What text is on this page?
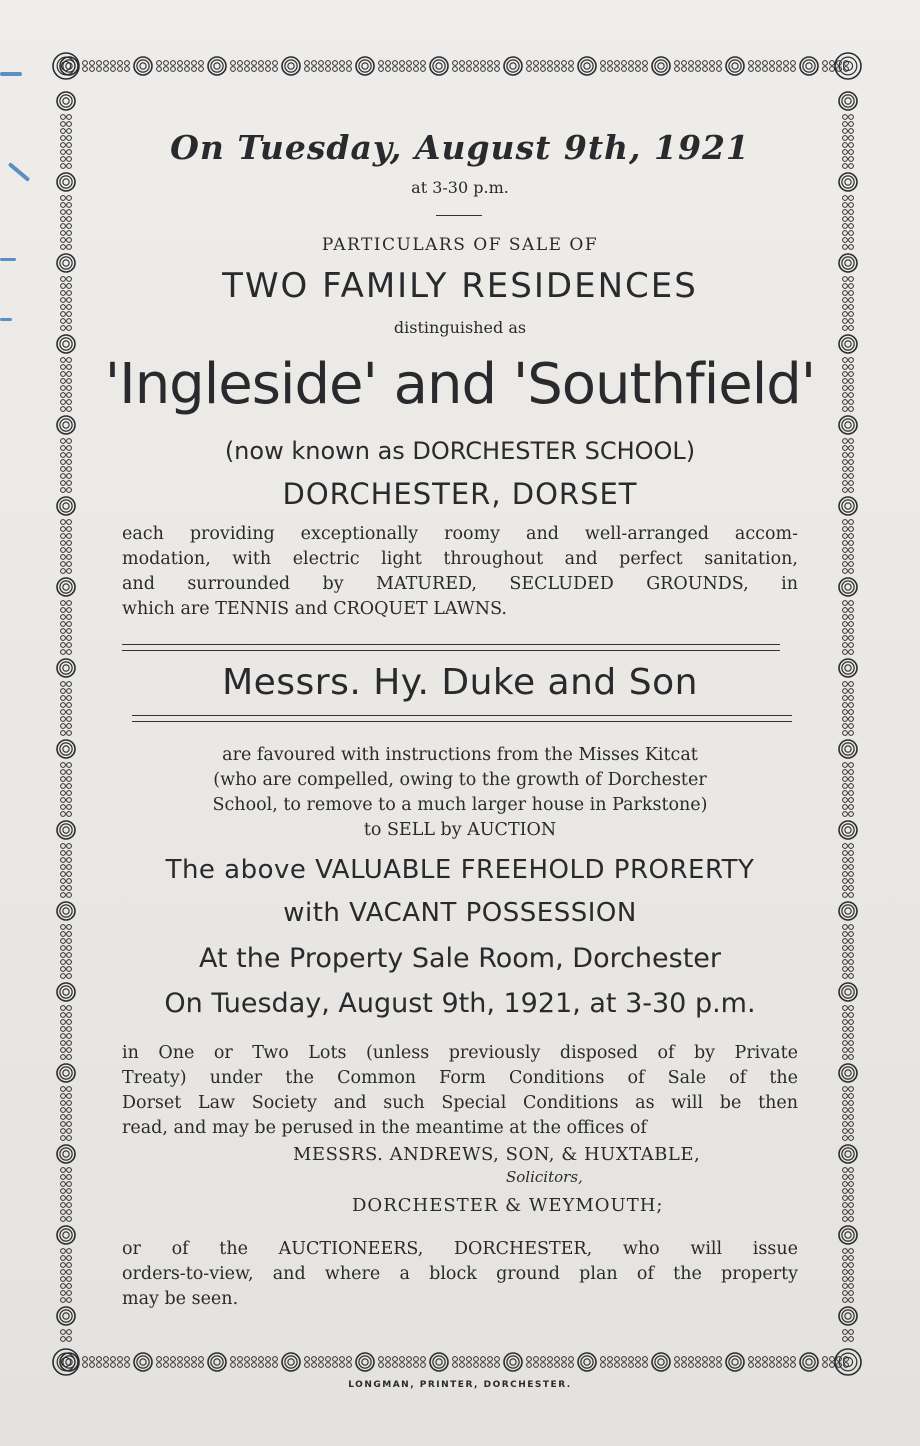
On Tuesday, August 9th, 1921

at 3-30 p.m.

PARTICULARS OF SALE OF

TWO FAMILY RESIDENCES

distinguished as

'Ingleside' and 'Southfield'

(now known as DORCHESTER SCHOOL)

DORCHESTER, DORSET

each providing exceptionally roomy and well-arranged accom-

modation, with electric light throughout and perfect sanitation,

and surrounded by MATURED, SECLUDED GROUNDS, in

which are TENNIS and CROQUET LAWNS.

Messrs. Hy. Duke and Son

are favoured with instructions from the Misses Kitcat

(who are compelled, owing to the growth of Dorchester

School, to remove to a much larger house in Parkstone)

to SELL by AUCTION

The above VALUABLE FREEHOLD PRORERTY

with VACANT POSSESSION

At the Property Sale Room, Dorchester

On Tuesday, August 9th, 1921, at 3-30 p.m.

in One or Two Lots (unless previously disposed of by Private

Treaty) under the Common Form Conditions of Sale of the

Dorset Law Society and such Special Conditions as will be then

read, and may be perused in the meantime at the offices of

MESSRS. ANDREWS, SON, & HUXTABLE,

Solicitors,

DORCHESTER & WEYMOUTH;

or of the AUCTIONEERS, DORCHESTER, who will issue

orders-to-view, and where a block ground plan of the property

may be seen.

LONGMAN, PRINTER, DORCHESTER.
